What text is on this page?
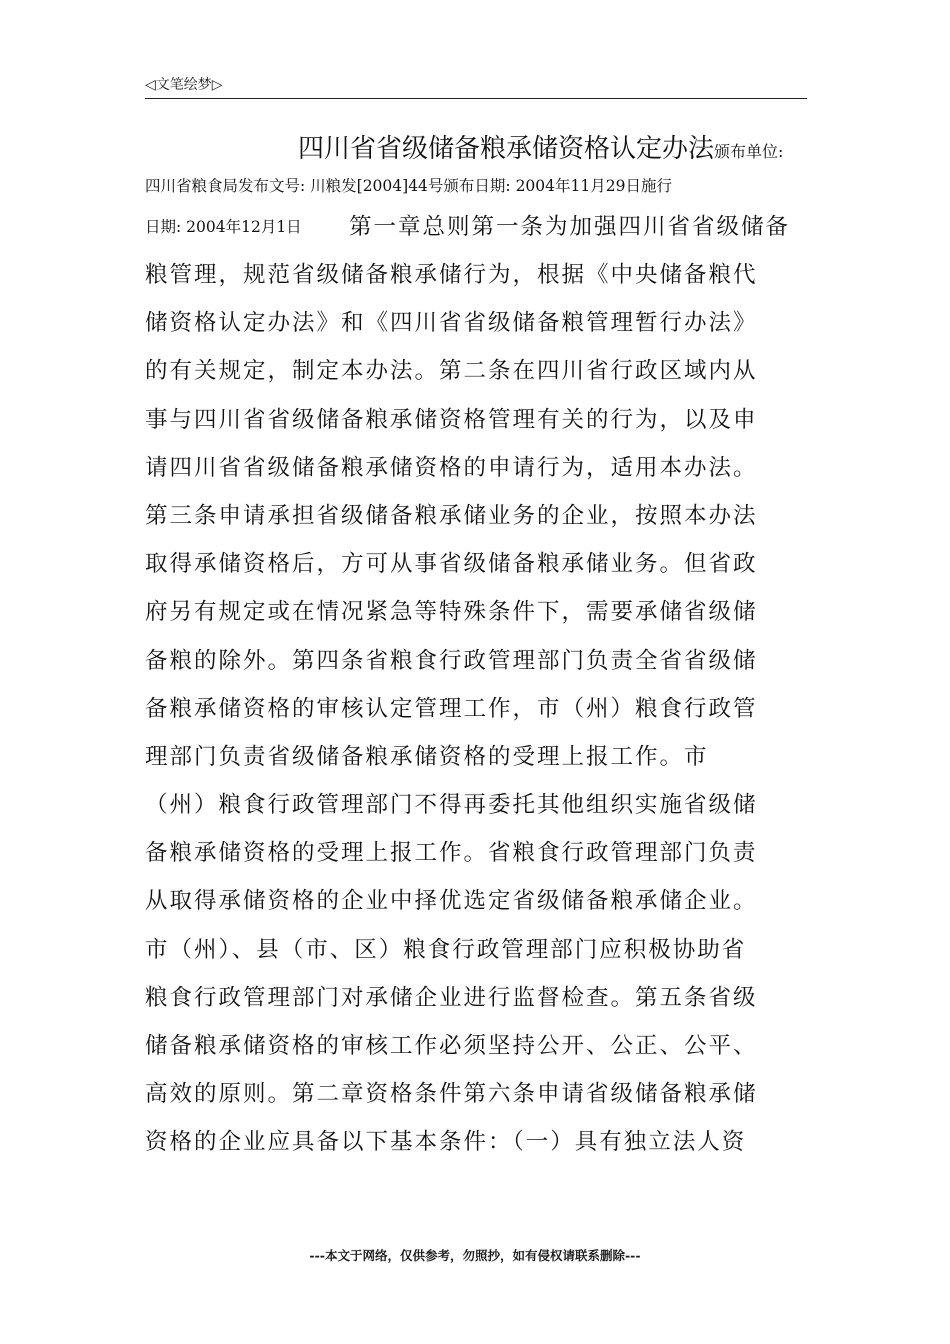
◁文笔绘梦▷
四川省省级储备粮承储资格认定办法颁布单位:
四川省粮食局发布文号: 川粮发[2004]44号颁布日期: 2004年11月29日施行
日期: 2004年12月1日 第一章总则第一条为加强四川省省级储备
粮管理，规范省级储备粮承储行为，根据《中央储备粮代
储资格认定办法》和《四川省省级储备粮管理暂行办法》
的有关规定，制定本办法。第二条在四川省行政区域内从
事与四川省省级储备粮承储资格管理有关的行为，以及申
请四川省省级储备粮承储资格的申请行为，适用本办法。
第三条申请承担省级储备粮承储业务的企业，按照本办法
取得承储资格后，方可从事省级储备粮承储业务。但省政
府另有规定或在情况紧急等特殊条件下，需要承储省级储
备粮的除外。第四条省粮食行政管理部门负责全省省级储
备粮承储资格的审核认定管理工作，市（州）粮食行政管
理部门负责省级储备粮承储资格的受理上报工作。市
（州）粮食行政管理部门不得再委托其他组织实施省级储
备粮承储资格的受理上报工作。省粮食行政管理部门负责
从取得承储资格的企业中择优选定省级储备粮承储企业。
市（州）、县（市、区）粮食行政管理部门应积极协助省
粮食行政管理部门对承储企业进行监督检查。第五条省级
储备粮承储资格的审核工作必须坚持公开、公正、公平、
高效的原则。第二章资格条件第六条申请省级储备粮承储
资格的企业应具备以下基本条件：（一）具有独立法人资
---本文于网络，仅供参考，勿照抄，如有侵权请联系删除---
